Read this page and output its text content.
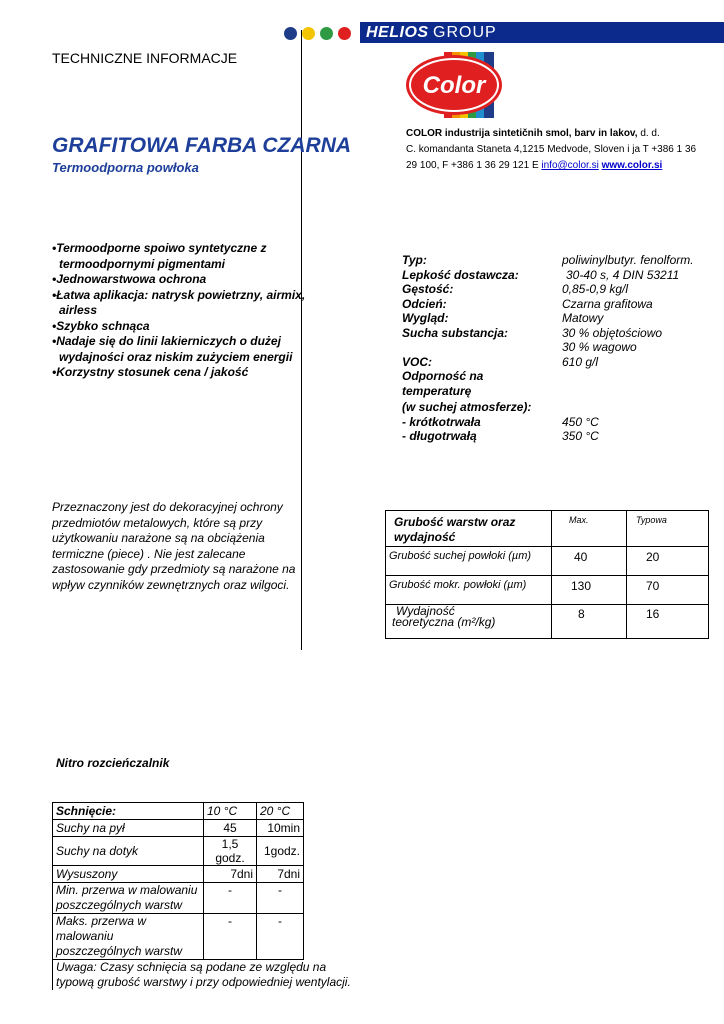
HELIOS GROUP
TECHNICZNE INFORMACJE
Color
GRAFITOWA FARBA CZARNA
Termoodporna powłoka
COLOR industrija sintetičnih smol, barv in lakov, d. d.
C. komandanta Staneta 4,1215 Medvode, Sloven i ja T +386 1 36 29 100, F +386 1 36 29 121 E info@color.si www.color.si
•Termoodporne spoiwo syntetyczne z termoodpornymi pigmentami
•Jednowarstwowa ochrona
•Łatwa aplikacja: natrysk powietrzny, airmix, airless
•Szybko schnąca
•Nadaje się do linii lakierniczych o dużej wydajności oraz niskim zużyciem energii
•Korzystny stosunek cena / jakość
Typ:	poliwinylbutyr. fenolform.
Lepkość dostawcza:	30-40 s, 4 DIN 53211
Gęstość:	0,85-0,9 kg/l
Odcień:	Czarna grafitowa
Wygląd:	Matowy
Sucha substancja:	30 % objętościowo
30 % wagowo
VOC:	610 g/l
Odporność na
temperaturę
(w suchej atmosferze):
- krótkotrwała	450 °C
- długotrwałą	350 °C
Przeznaczony jest do dekoracyjnej ochrony przedmiotów metalowych, które są przy użytkowaniu narażone są na obciążenia termiczne (piece) . Nie jest zalecane zastosowanie gdy przedmioty są narażone na wpływ czynników zewnętrznych oraz wilgoci.
Grubość warstw oraz wydajność
Max.	Typowa
Grubość suchej powłoki (µm)	40	20
Grubość mokr. powłoki (µm)	130	70
Wydajność
teoretyczna (m²/kg)
8	16
Nitro rozcieńczalnik
Schnięcie:	10 °C	20 °C
Suchy na pył	45	10min
Suchy na dotyk	1,5 godz.	1godz.
Wysuszony	7dni	7dni
Min. przerwa w malowaniu poszczególnych warstw	-	-
Maks. przerwa w malowaniu poszczególnych warstw	-	-
Uwaga: Czasy schnięcia są podane ze względu na typową grubość warstwy i przy odpowiedniej wentylacji.
